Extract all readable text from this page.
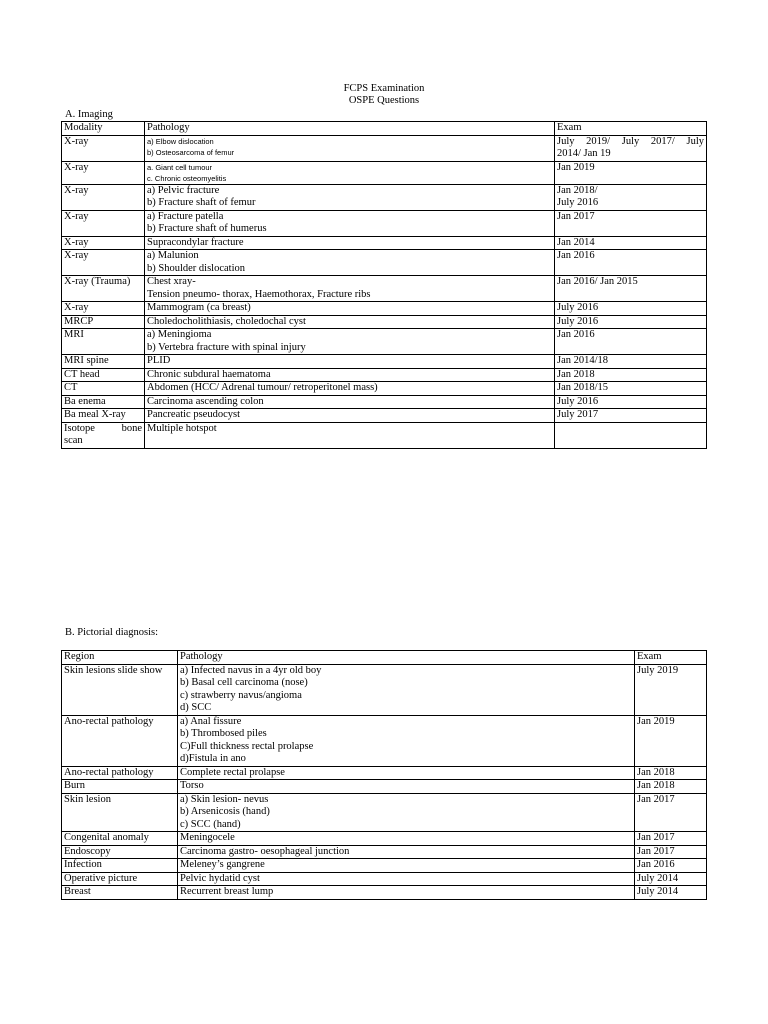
FCPS Examination
OSPE Questions
A. Imaging
Modality	Pathology	Exam

X-ray	a) Elbow dislocation
b) Osteosarcoma of femur	July 2019/ July 2017/ July
2014/ Jan 19

X-ray	a. Giant cell tumour
c. Chronic osteomyelitis	Jan 2019

X-ray	a) Pelvic fracture
b) Fracture shaft of femur	Jan 2018/
July 2016

X-ray	a) Fracture patella
b) Fracture shaft of humerus	Jan 2017

X-ray	Supracondylar fracture	Jan 2014

X-ray	a) Malunion
b) Shoulder dislocation	Jan 2016

X-ray (Trauma)	Chest xray-
Tension pneumo- thorax, Haemothorax, Fracture ribs	Jan 2016/ Jan 2015

X-ray	Mammogram (ca breast)	July 2016

MRCP	Choledocholithiasis, choledochal cyst	July 2016

MRI	a) Meningioma
b) Vertebra fracture with spinal injury	Jan 2016

MRI spine	PLID	Jan 2014/18

CT head	Chronic subdural haematoma	Jan 2018

CT	Abdomen (HCC/ Adrenal tumour/ retroperitonel mass)	Jan 2018/15

Ba enema	Carcinoma ascending colon	July 2016

Ba meal X-ray	Pancreatic pseudocyst	July 2017

Isotope bone
scan	Multiple hotspot	

B. Pictorial diagnosis:
Region	Pathology	Exam
Skin lesions slide show	a) Infected navus in a 4yr old boy
b) Basal cell carcinoma (nose)
c) strawberry navus/angioma
d) SCC	July 2019
Ano-rectal pathology	a) Anal fissure
b) Thrombosed piles
C)Full thickness rectal prolapse
d)Fistula in ano	Jan 2019
Ano-rectal pathology	Complete rectal prolapse	Jan 2018
Burn	Torso	Jan 2018
Skin lesion	a) Skin lesion- nevus
b) Arsenicosis (hand)
c) SCC (hand)	Jan 2017
Congenital anomaly	Meningocele	Jan 2017
Endoscopy	Carcinoma gastro- oesophageal junction	Jan 2017
Infection	Meleney’s gangrene	Jan 2016
Operative picture	Pelvic hydatid cyst	July 2014
Breast	Recurrent breast lump	July 2014
